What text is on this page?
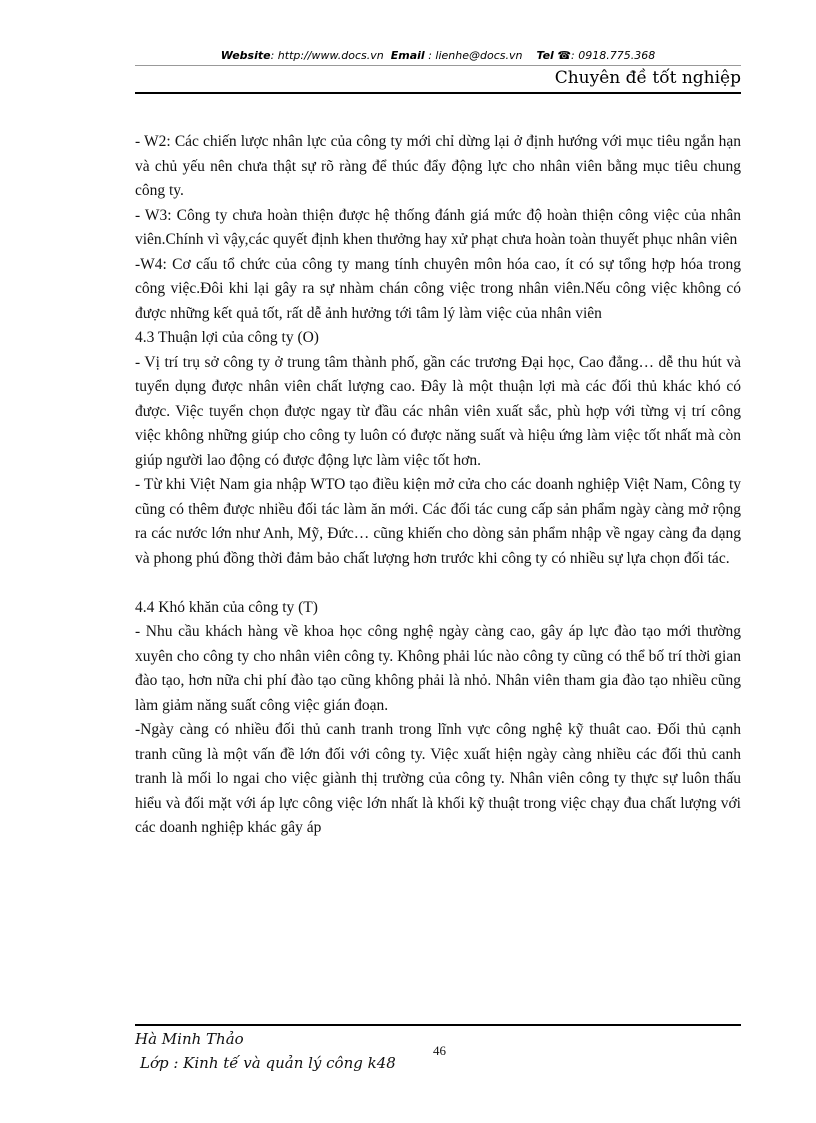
Website: http://www.docs.vn Email : lienhe@docs.vn Tel ☎: 0918.775.368
Chuyên đề tốt nghiệp

- W2: Các chiến lược nhân lực của công ty mới chỉ dừng lại ở định hướng với mục tiêu ngắn hạn và chủ yếu nên chưa thật sự rõ ràng để thúc đẩy động lực cho nhân viên bằng mục tiêu chung công ty.

- W3: Công ty chưa hoàn thiện được hệ thống đánh giá mức độ hoàn thiện công việc của nhân viên.Chính vì vậy,các quyết định khen thưởng hay xử phạt chưa hoàn toàn thuyết phục nhân viên

-W4: Cơ cấu tổ chức của công ty mang tính chuyên môn hóa cao, ít có sự tổng hợp hóa trong công việc.Đôi khi lại gây ra sự nhàm chán công việc trong nhân viên.Nếu công việc không có được những kết quả tốt, rất dễ ảnh hưởng tới tâm lý làm việc của nhân viên

4.3 Thuận lợi của công ty (O)

- Vị trí trụ sở công ty ở trung tâm thành phố, gần các trương Đại học, Cao đẳng… dễ thu hút và tuyển dụng được nhân viên chất lượng cao. Đây là một thuận lợi mà các đối thủ khác khó có được. Việc tuyển chọn được ngay từ đầu các nhân viên xuất sắc, phù hợp với từng vị trí công việc không những giúp cho công ty luôn có được năng suất và hiệu ứng làm việc tốt nhất mà còn giúp người lao động có được động lực làm việc tốt hơn.

- Từ khi Việt Nam gia nhập WTO tạo điều kiện mở cửa cho các doanh nghiệp Việt Nam, Công ty cũng có thêm được nhiều đối tác làm ăn mới. Các đối tác cung cấp sản phẩm ngày càng mở rộng ra các nước lớn như Anh, Mỹ, Đức… cũng khiến cho dòng sản phẩm nhập về ngay càng đa dạng và phong phú đồng thời đảm bảo chất lượng hơn trước khi công ty có nhiều sự lựa chọn đối tác.

4.4 Khó khăn của công ty (T)

- Nhu cầu khách hàng về khoa học công nghệ ngày càng cao, gây áp lực đào tạo mới thường xuyên cho công ty cho nhân viên công ty. Không phải lúc nào công ty cũng có thể bố trí thời gian đào tạo, hơn nữa chi phí đào tạo cũng không phải là nhỏ. Nhân viên tham gia đào tạo nhiều cũng làm giảm năng suất công việc gián đoạn.

-Ngày càng có nhiều đối thủ canh tranh trong lĩnh vực công nghệ kỹ thuât cao. Đối thủ cạnh tranh cũng là một vấn đề lớn đối với công ty. Việc xuất hiện ngày càng nhiều các đối thủ canh tranh là mối lo ngai cho việc giành thị trường của công ty. Nhân viên công ty thực sự luôn thấu hiểu và đối mặt với áp lực công việc lớn nhất là khối kỹ thuật trong việc chạy đua chất lượng với các doanh nghiệp khác gây áp

Hà Minh Thảo
46
Lớp : Kinh tế và quản lý công k48
